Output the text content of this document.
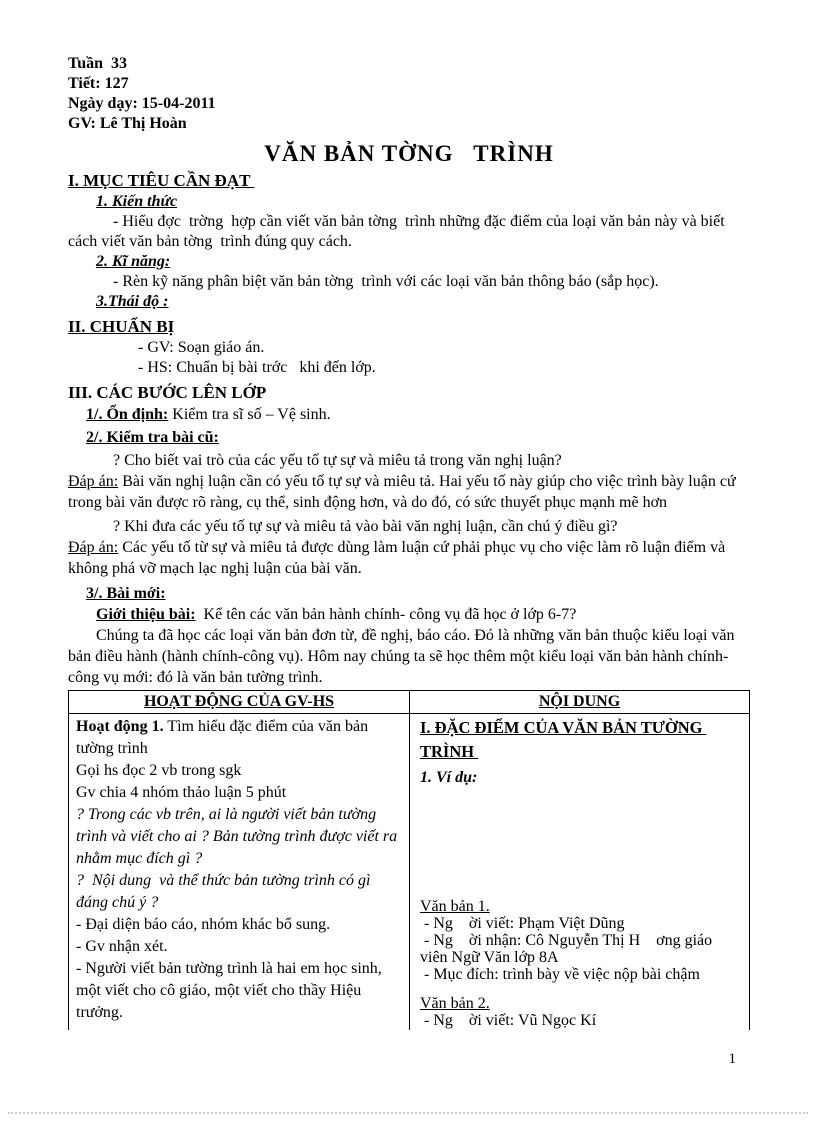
Tuần  33

Tiết: 127

Ngày dạy: 15-04-2011

GV: Lê Thị Hoàn

VĂN BẢN TỜNG   TRÌNH
I. MỤC TIÊU CẦN ĐẠT

1. Kiến thức

- Hiểu đợc  trờng  hợp cần viết văn bản tờng  trình những đặc điểm của loại văn bản này và biết cách viết văn bản tờng  trình đúng quy cách.

2. Kĩ năng:

- Rèn kỹ năng phân biệt văn bản tờng  trình với các loại văn bản thông báo (sắp học).

3.Thái độ :

II. CHUẨN BỊ

- GV: Soạn giáo án.

- HS: Chuẩn bị bài trớc   khi đến lớp.

III. CÁC BƯỚC LÊN LỚP

1/. Ổn định: Kiểm tra sĩ số – Vệ sinh.

2/. Kiểm tra bài cũ:

? Cho biết vai trò của các yếu tố tự sự và miêu tả trong văn nghị luận?

Đáp án: Bài văn nghị luận cần có yếu tố tự sự và miêu tả. Hai yếu tố này giúp cho việc trình bày luận cứ trong bài văn được rõ ràng, cụ thể, sinh động hơn, và do đó, có sức thuyết phục mạnh mẽ hơn

? Khi đưa các yếu tố tự sự và miêu tả vào bài văn nghị luận, cần chú ý điều gì?

Đáp án: Các yếu tố từ sự và miêu tả được dùng làm luận cứ phải phục vụ cho việc làm rõ luận điểm và không phá vỡ mạch lạc nghị luận của bài văn.

3/. Bài mới:

Giới thiệu bài:  Kể tên các văn bản hành chính- công vụ đã học ở lớp 6-7?

Chúng ta đã học các loại văn bản đơn từ, đề nghị, báo cáo. Đó là những văn bản thuộc kiểu loại văn bản điều hành (hành chính-công vụ). Hôm nay chúng ta sẽ học thêm một kiểu loại văn bản hành chính- công vụ mới: đó là văn bản tường trình.

HOẠT ĐỘNG CỦA GV-HS	NỘI DUNG

Hoạt động 1. Tìm hiểu đặc điểm của văn bản tường trình

Gọi hs đọc 2 vb trong sgk

Gv chia 4 nhóm thảo luận 5 phút

? Trong các vb trên, ai là người viết bản tường trình và viết cho ai ? Bản tường trình được viết ra nhằm mục đích gì ?

?  Nội dung  và thể thức bản tường trình có gì đáng chú ý ?

- Đại diện báo cáo, nhóm khác bổ sung.

- Gv nhận xét.

- Người viết bản tường trình là hai em học sinh,  một viết cho cô giáo, một viết cho thầy Hiệu trưởng.

I. ĐẶC ĐIỂM CỦA VĂN BẢN TƯỜNG TRÌNH

1. Ví dụ:

Văn bản 1.

- Ng    ời viết: Phạm Việt Dũng

- Ng    ời nhận: Cô Nguyễn Thị H    ơng giáo viên Ngữ Văn lớp 8A

- Mục đích: trình bày về việc nộp bài chậm

Văn bản 2.

- Ng    ời viết: Vũ Ngọc Kí

1
